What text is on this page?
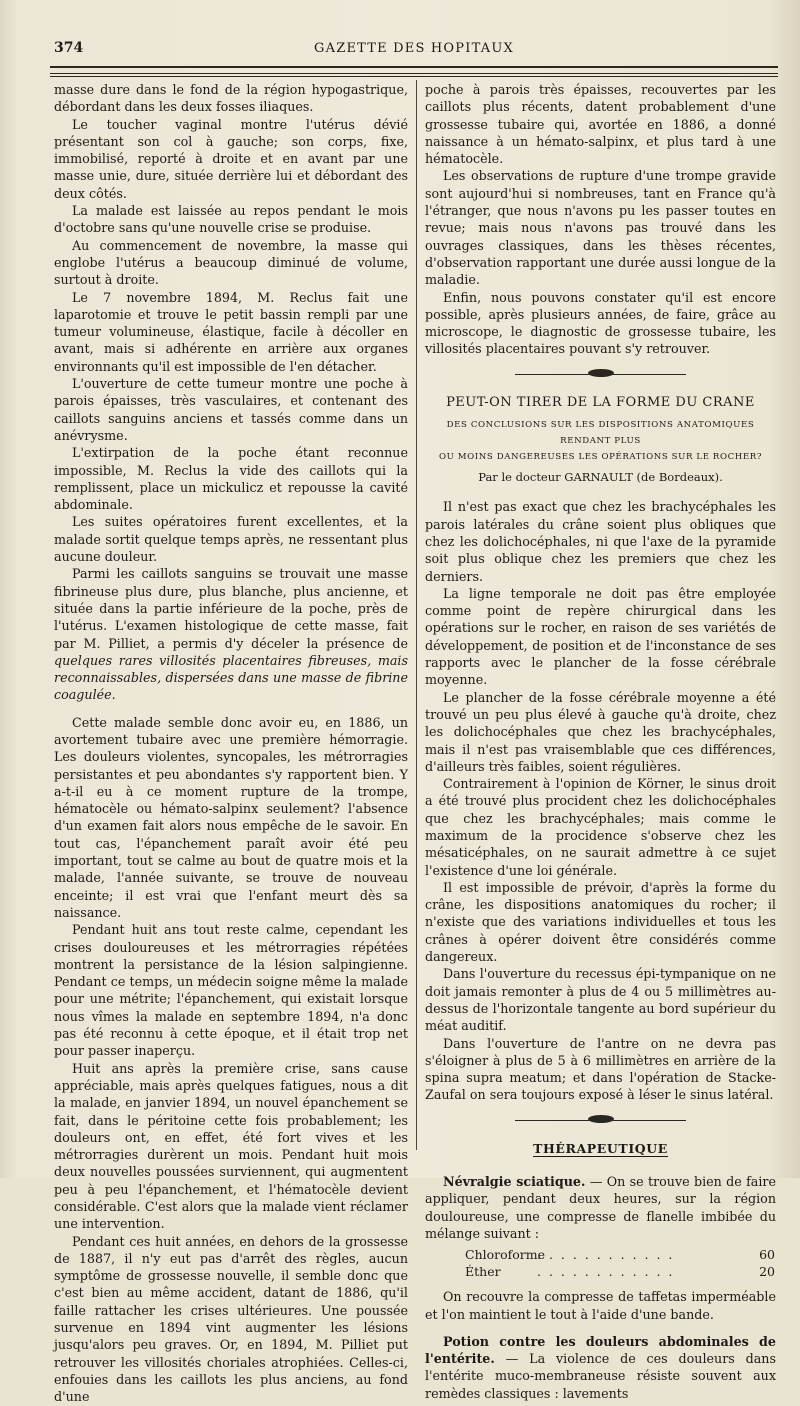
374	GAZETTE DES HOPITAUX

masse dure dans le fond de la région hypogastrique, débordant dans les deux fosses iliaques.

Le toucher vaginal montre l'utérus dévié présentant son col à gauche; son corps, fixe, immobilisé, reporté à droite et en avant par une masse unie, dure, située derrière lui et débordant des deux côtés.

La malade est laissée au repos pendant le mois d'octobre sans qu'une nouvelle crise se produise.

Au commencement de novembre, la masse qui englobe l'utérus a beaucoup diminué de volume, surtout à droite.

Le 7 novembre 1894, M. Reclus fait une laparotomie et trouve le petit bassin rempli par une tumeur volumineuse, élastique, facile à décoller en avant, mais si adhérente en arrière aux organes environnants qu'il est impossible de l'en détacher.

L'ouverture de cette tumeur montre une poche à parois épaisses, très vasculaires, et contenant des caillots sanguins anciens et tassés comme dans un anévrysme.

L'extirpation de la poche étant reconnue impossible, M. Reclus la vide des caillots qui la remplissent, place un mickulicz et repousse la cavité abdominale.

Les suites opératoires furent excellentes, et la malade sortit quelque temps après, ne ressentant plus aucune douleur.

Parmi les caillots sanguins se trouvait une masse fibrineuse plus dure, plus blanche, plus ancienne, et située dans la partie inférieure de la poche, près de l'utérus. L'examen histologique de cette masse, fait par M. Pilliet, a permis d'y déceler la présence de quelques rares villosités placentaires fibreuses, mais reconnaissables, dispersées dans une masse de fibrine coagulée.

Cette malade semble donc avoir eu, en 1886, un avortement tubaire avec une première hémorragie. Les douleurs violentes, syncopales, les métrorragies persistantes et peu abondantes s'y rapportent bien. Y a-t-il eu à ce moment rupture de la trompe, hématocèle ou hémato-salpinx seulement? l'absence d'un examen fait alors nous empêche de le savoir. En tout cas, l'épanchement paraît avoir été peu important, tout se calme au bout de quatre mois et la malade, l'année suivante, se trouve de nouveau enceinte; il est vrai que l'enfant meurt dès sa naissance.

Pendant huit ans tout reste calme, cependant les crises douloureuses et les métrorragies répétées montrent la persistance de la lésion salpingienne. Pendant ce temps, un médecin soigne même la malade pour une métrite; l'épanchement, qui existait lorsque nous vîmes la malade en septembre 1894, n'a donc pas été reconnu à cette époque, et il était trop net pour passer inaperçu.

Huit ans après la première crise, sans cause appréciable, mais après quelques fatigues, nous a dit la malade, en janvier 1894, un nouvel épanchement se fait, dans le péritoine cette fois probablement; les douleurs ont, en effet, été fort vives et les métrorragies durèrent un mois. Pendant huit mois deux nouvelles poussées surviennent, qui augmentent peu à peu l'épanchement, et l'hématocèle devient considérable. C'est alors que la malade vient réclamer une intervention.

Pendant ces huit années, en dehors de la grossesse de 1887, il n'y eut pas d'arrêt des règles, aucun symptôme de grossesse nouvelle, il semble donc que c'est bien au même accident, datant de 1886, qu'il faille rattacher les crises ultérieures. Une poussée survenue en 1894 vint augmenter les lésions jusqu'alors peu graves. Or, en 1894, M. Pilliet put retrouver les villosités choriales atrophiées. Celles-ci, enfouies dans les caillots les plus anciens, au fond d'une

poche à parois très épaisses, recouvertes par les caillots plus récents, datent probablement d'une grossesse tubaire qui, avortée en 1886, a donné naissance à un hémato-salpinx, et plus tard à une hématocèle.

Les observations de rupture d'une trompe gravide sont aujourd'hui si nombreuses, tant en France qu'à l'étranger, que nous n'avons pu les passer toutes en revue; mais nous n'avons pas trouvé dans les ouvrages classiques, dans les thèses récentes, d'observation rapportant une durée aussi longue de la maladie.

Enfin, nous pouvons constater qu'il est encore possible, après plusieurs années, de faire, grâce au microscope, le diagnostic de grossesse tubaire, les villosités placentaires pouvant s'y retrouver.

PEUT-ON TIRER DE LA FORME DU CRANE
DES CONCLUSIONS SUR LES DISPOSITIONS ANATOMIQUES RENDANT PLUS
OU MOINS DANGEREUSES LES OPÉRATIONS SUR LE ROCHER?
Par le docteur GARNAULT (de Bordeaux).

Il n'est pas exact que chez les brachycéphales les parois latérales du crâne soient plus obliques que chez les dolichocéphales, ni que l'axe de la pyramide soit plus oblique chez les premiers que chez les derniers.

La ligne temporale ne doit pas être employée comme point de repère chirurgical dans les opérations sur le rocher, en raison de ses variétés de développement, de position et de l'inconstance de ses rapports avec le plancher de la fosse cérébrale moyenne.

Le plancher de la fosse cérébrale moyenne a été trouvé un peu plus élevé à gauche qu'à droite, chez les dolichocéphales que chez les brachycéphales, mais il n'est pas vraisemblable que ces différences, d'ailleurs très faibles, soient régulières.

Contrairement à l'opinion de Körner, le sinus droit a été trouvé plus procident chez les dolichocéphales que chez les brachycéphales; mais comme le maximum de la procidence s'observe chez les mésaticéphales, on ne saurait admettre à ce sujet l'existence d'une loi générale.

Il est impossible de prévoir, d'après la forme du crâne, les dispositions anatomiques du rocher; il n'existe que des variations individuelles et tous les crânes à opérer doivent être considérés comme dangereux.

Dans l'ouverture du recessus épi-tympanique on ne doit jamais remonter à plus de 4 ou 5 millimètres au-dessus de l'horizontale tangente au bord supérieur du méat auditif.

Dans l'ouverture de l'antre on ne devra pas s'éloigner à plus de 5 à 6 millimètres en arrière de la spina supra meatum; et dans l'opération de Stacke-Zaufal on sera toujours exposé à léser le sinus latéral.

THÉRAPEUTIQUE

Névralgie sciatique. — On se trouve bien de faire appliquer, pendant deux heures, sur la région douloureuse, une compresse de flanelle imbibée du mélange suivant :

Chloroforme . . .	60
Éther . . .	20

On recouvre la compresse de taffetas imperméable et l'on maintient le tout à l'aide d'une bande.

Potion contre les douleurs abdominales de l'entérite. — La violence de ces douleurs dans l'entérite muco-membraneuse résiste souvent aux remèdes classiques : lavements
